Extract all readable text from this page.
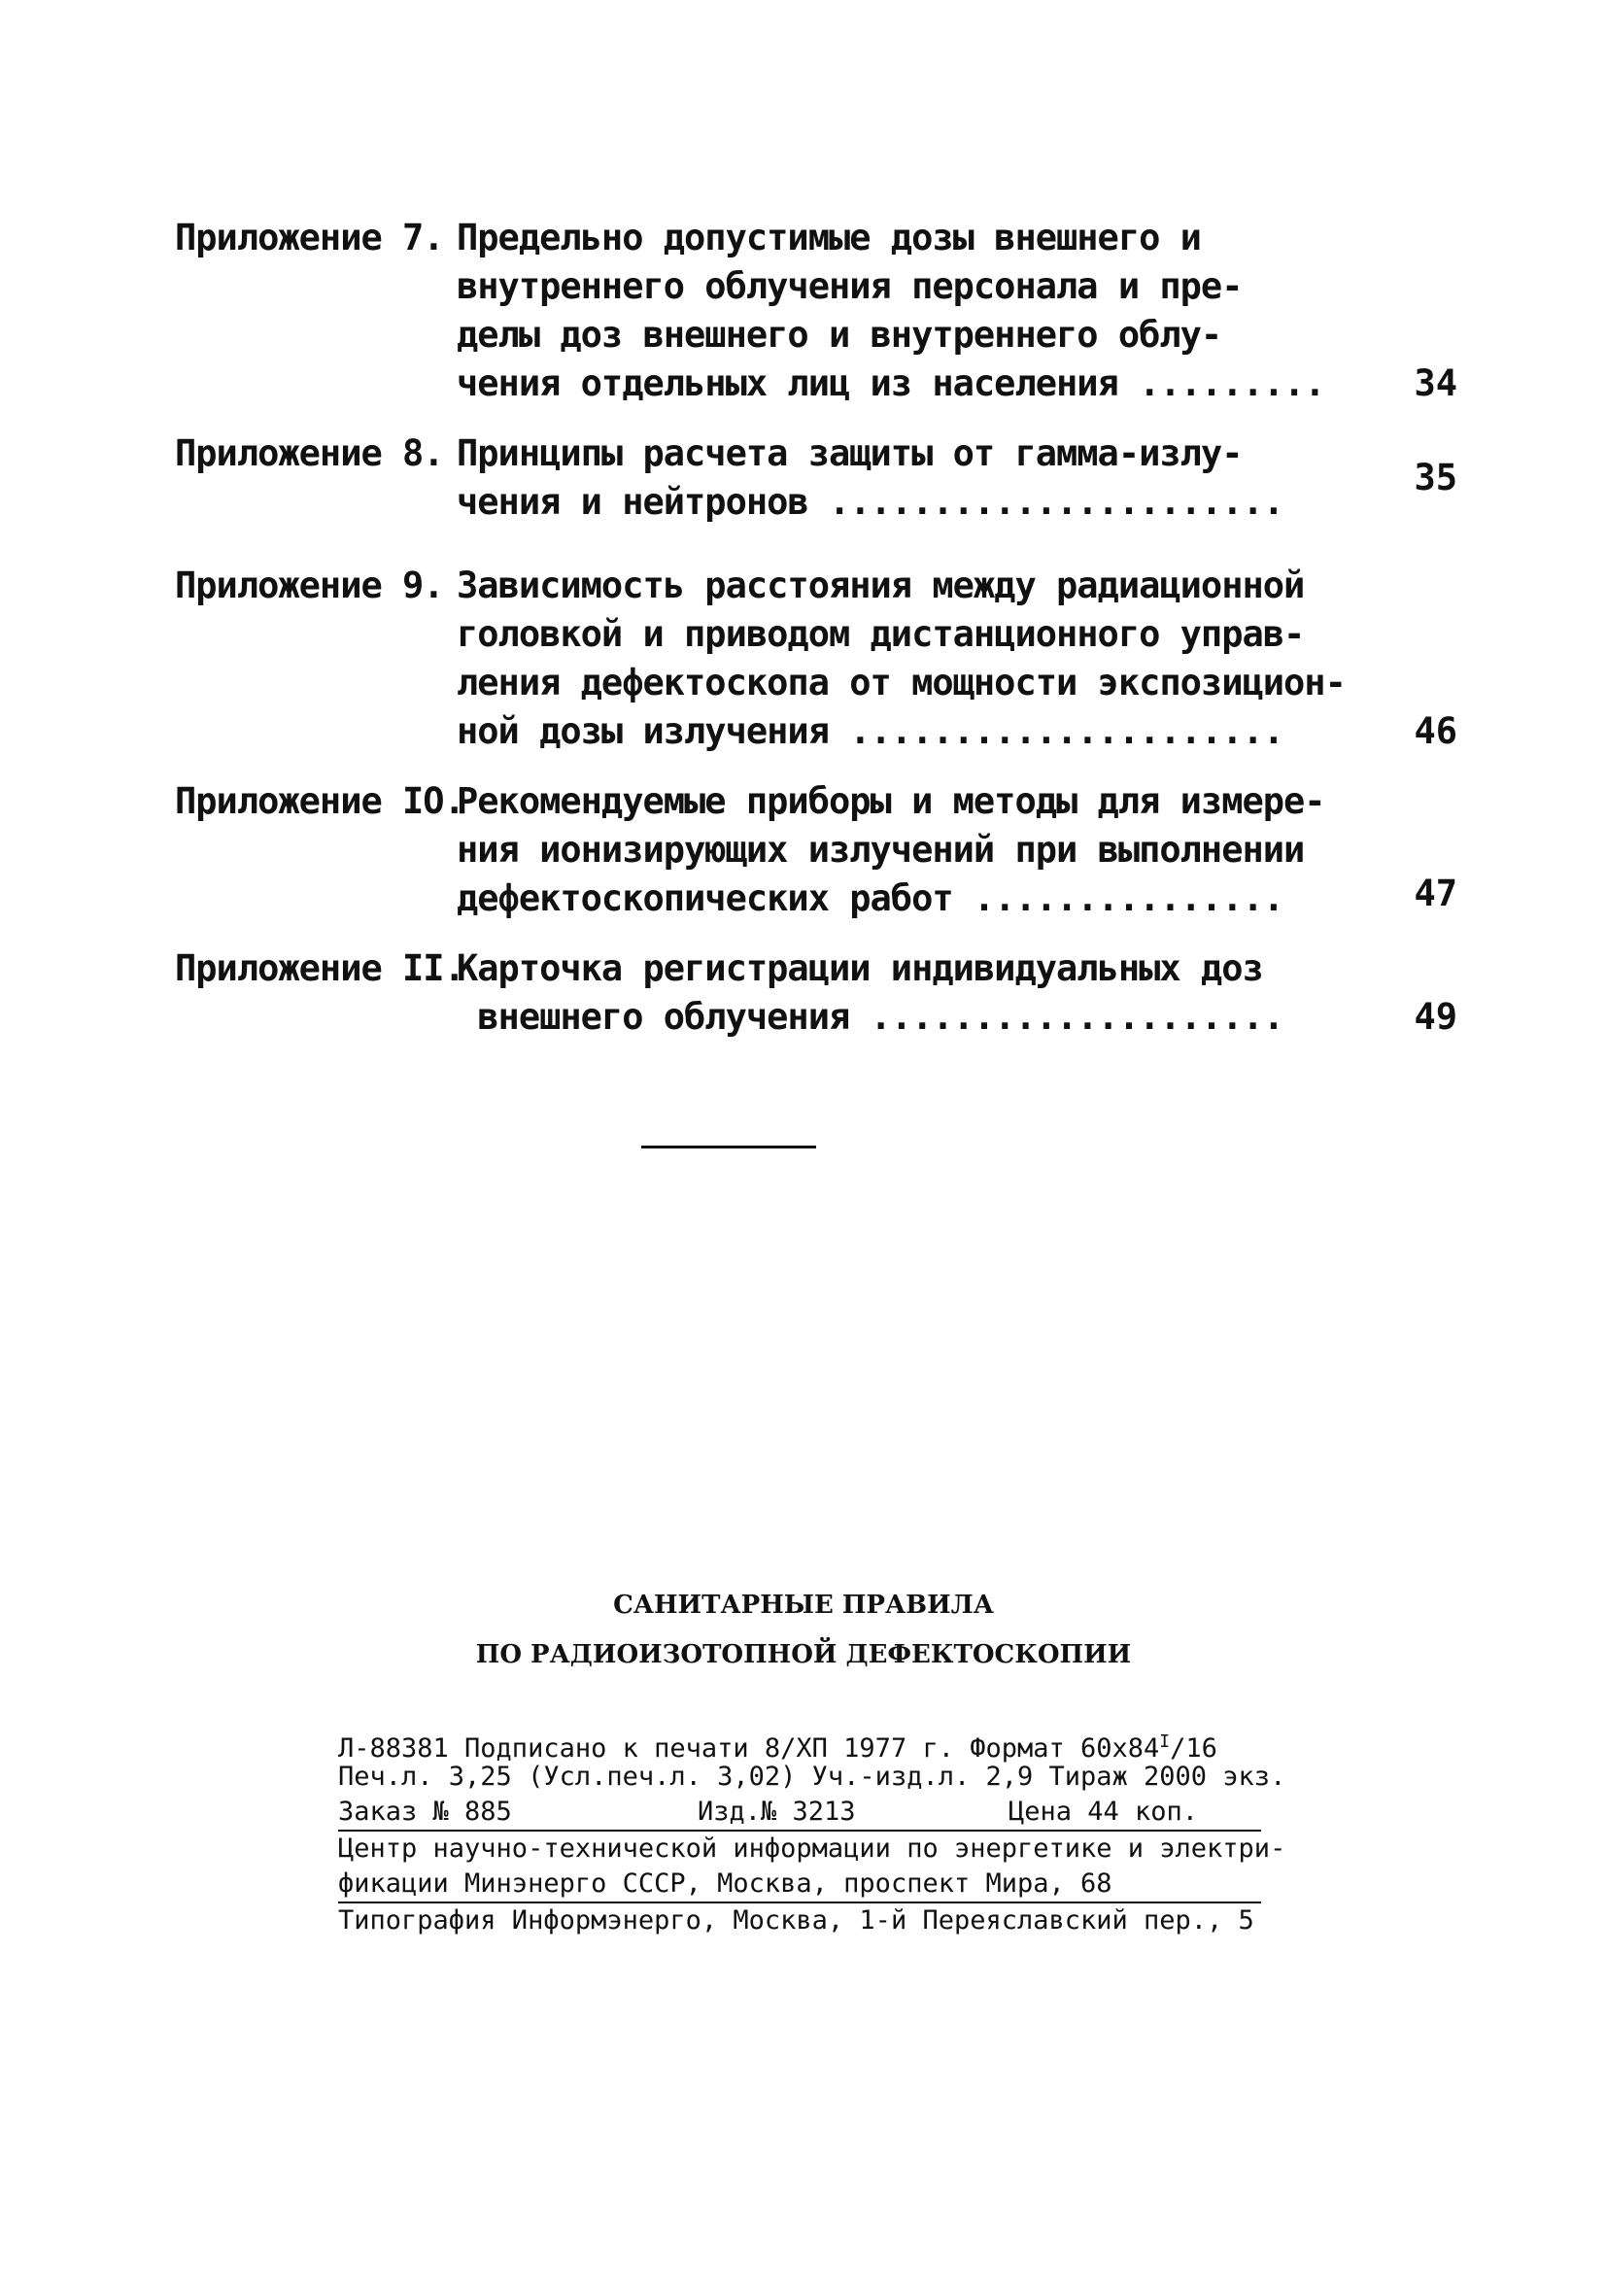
Приложение 7. Предельно допустимые дозы внешнего и
внутреннего облучения персонала и пре-
делы доз внешнего и внутреннего облу-
чения отдельных лиц из населения ......... 34
Приложение 8. Принципы расчета защиты от гамма-излу-
чения и нейтронов ......................
35
Приложение 9. Зависимость расстояния между радиационной
головкой и приводом дистанционного управ-
ления дефектоскопа от мощности экспозицион-
ной дозы излучения .....................	46
Приложение IO.
Рекомендуемые приборы и методы для измере-
ния ионизирующих излучений при выполнении
дефектоскопических работ ...............	47
Приложение II.
Карточка регистрации индивидуальных доз
внешнего облучения ....................	49
САНИТАРНЫЕ ПРАВИЛА
ПО РАДИОИЗОТОПНОЙ ДЕФЕКТОСКОПИИ
Л-88381 Подписано к печати 8/ХП 1977 г. Формат $60х84^I/16$
Печ.л. 3,25 (Усл.печ.л. 3,02) Уч.-изд.л. 2,9 Тираж 2000 экз.
Заказ № 885	Изд.№ 3213	Цена 44 коп.
Центр научно-технической информации по энергетике и электри-
фикации Минэнерго СССР, Москва, проспект Мира, 68
Типография Информэнерго, Москва, 1-й Переяславский пер., 5
